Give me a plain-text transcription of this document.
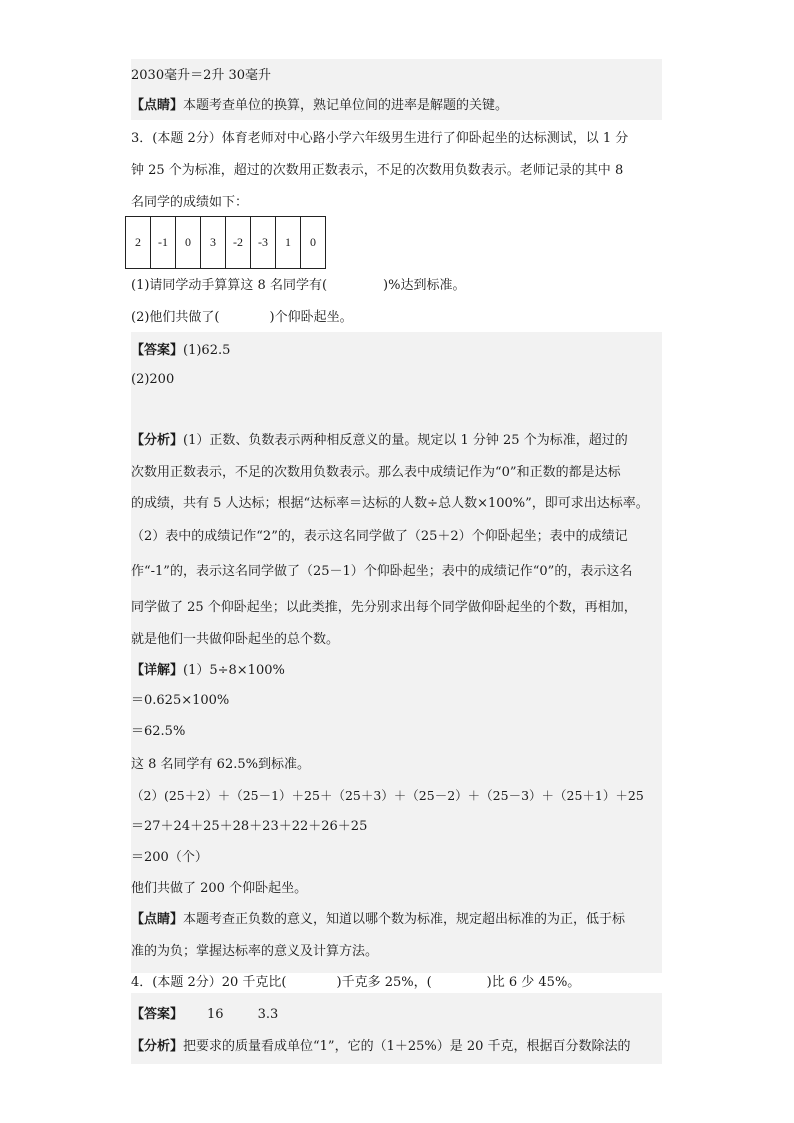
2030毫升＝2升 30毫升
【点睛】本题考查单位的换算，熟记单位间的进率是解题的关键。
3．(本题 2分）体育老师对中心路小学六年级男生进行了仰卧起坐的达标测试，以 1 分
钟 25 个为标准，超过的次数用正数表示，不足的次数用负数表示。老师记录的其中 8
名同学的成绩如下：
2	-1	0	3	-2	-3	1	0
(1)请同学动手算算这 8 名同学有(	)%达到标准。
(2)他们共做了(	)个仰卧起坐。
【答案】(1)62.5
(2)200
【分析】(1）正数、负数表示两种相反意义的量。规定以 1 分钟 25 个为标准，超过的
次数用正数表示，不足的次数用负数表示。那么表中成绩记作为“0”和正数的都是达标
的成绩，共有 5 人达标；根据“达标率＝达标的人数÷总人数×100%”，即可求出达标率。
（2）表中的成绩记作“2”的，表示这名同学做了（25＋2）个仰卧起坐；表中的成绩记
作“-1”的，表示这名同学做了（25－1）个仰卧起坐；表中的成绩记作“0”的，表示这名
同学做了 25 个仰卧起坐；以此类推，先分别求出每个同学做仰卧起坐的个数，再相加，
就是他们一共做仰卧起坐的总个数。
【详解】(1）5÷8×100%
＝0.625×100%
＝62.5%
这 8 名同学有 62.5%到标准。
（2）(25＋2）＋（25－1）＋25＋（25＋3）＋（25－2）＋（25－3）＋（25＋1）＋25
＝27＋24＋25＋28＋23＋22＋26＋25
＝200（个）
他们共做了 200 个仰卧起坐。
【点睛】本题考查正负数的意义，知道以哪个数为标准，规定超出标准的为正，低于标
准的为负；掌握达标率的意义及计算方法。
4．(本题 2分）20 千克比(	)千克多 25%，(	)比 6 少 45%。
【答案】 16	3.3
【分析】把要求的质量看成单位“1”，它的（1＋25%）是 20 千克，根据百分数除法的
